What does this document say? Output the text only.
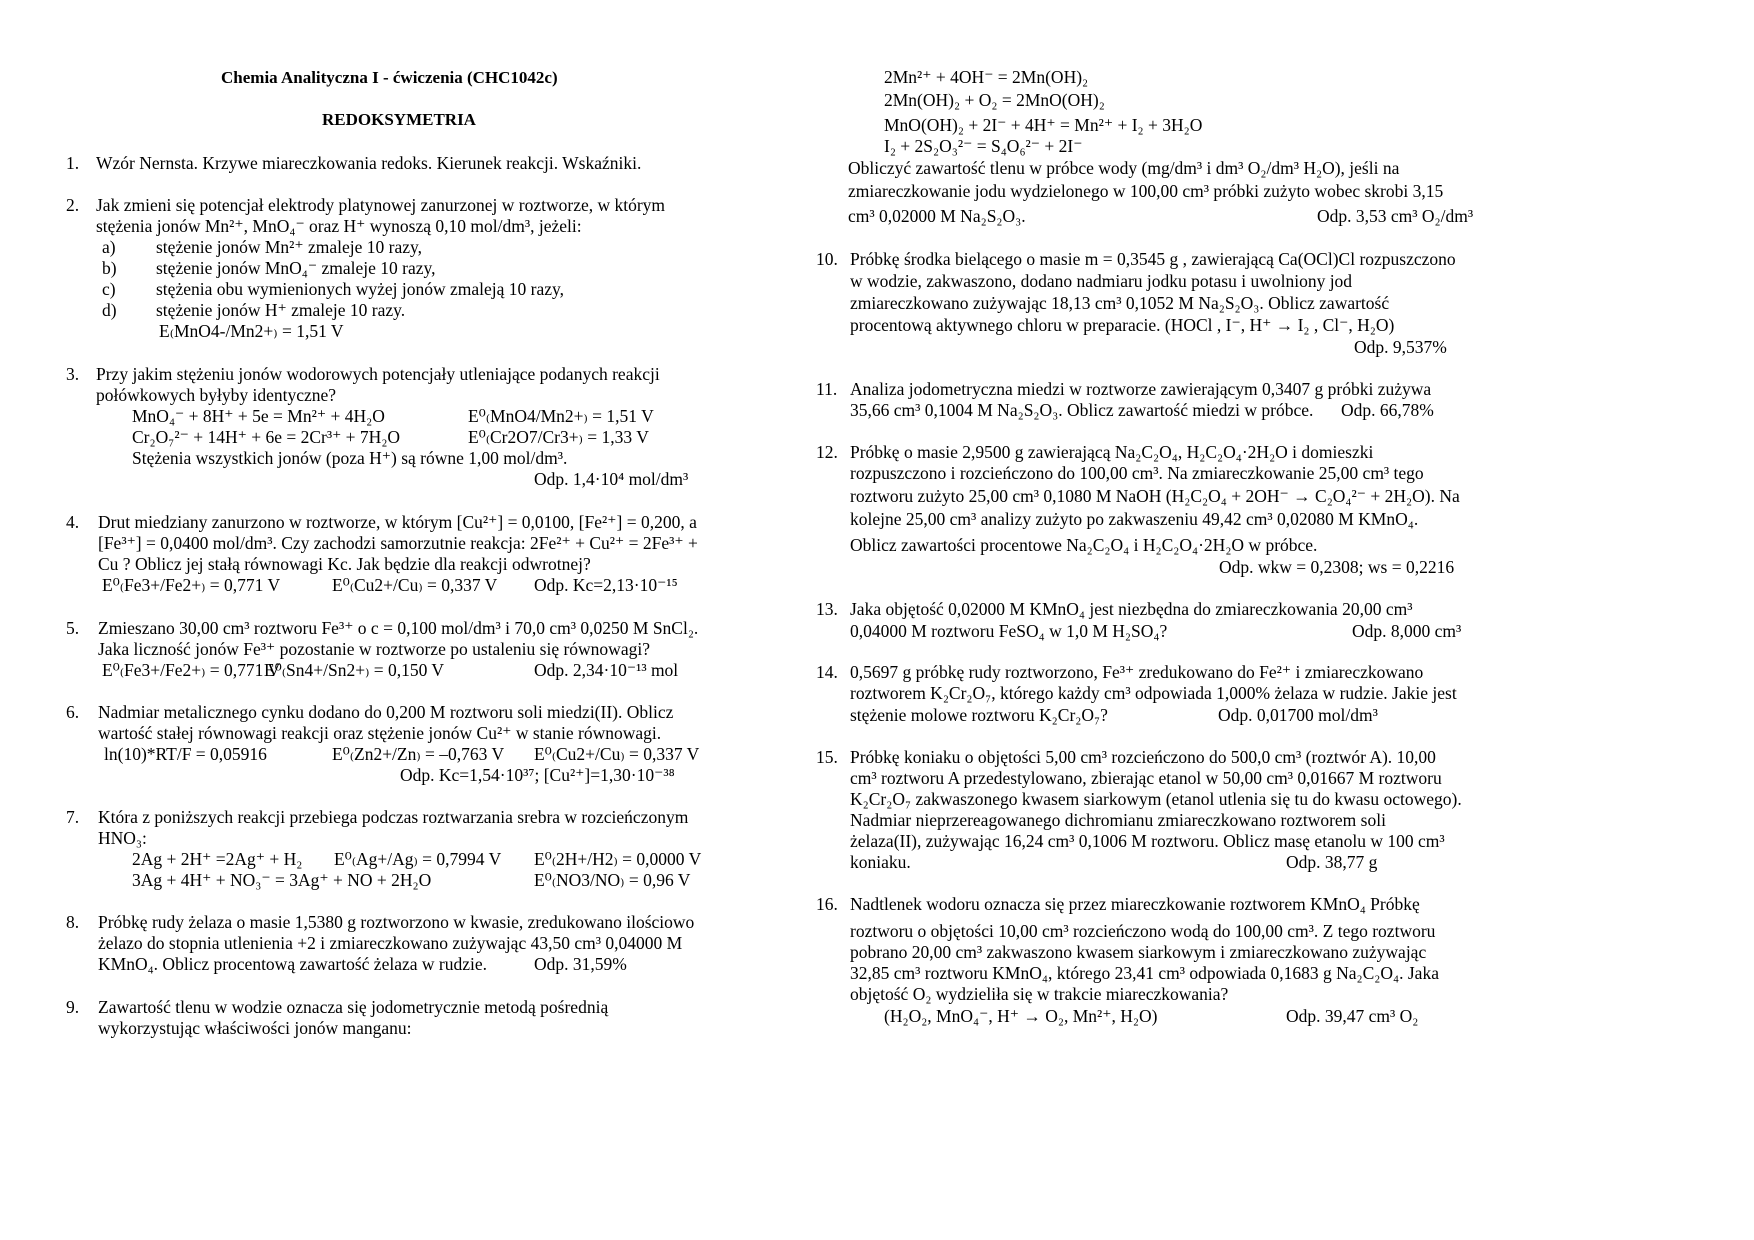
Chemia Analityczna I - ćwiczenia (CHC1042c)
REDOKSYMETRIA
1. Wzór Nernsta. Krzywe miareczkowania redoks. Kierunek reakcji. Wskaźniki.
2. Jak zmieni się potencjał elektrody platynowej zanurzonej w roztworze, w którym
stężenia jonów Mn²⁺, MnO₄⁻ oraz H⁺ wynoszą 0,10 mol/dm³, jeżeli:
a) stężenie jonów Mn²⁺ zmaleje 10 razy,
b) stężenie jonów MnO₄⁻ zmaleje 10 razy,
c) stężenia obu wymienionych wyżej jonów zmaleją 10 razy,
d) stężenie jonów H⁺ zmaleje 10 razy.
E₍MnO4-/Mn2+₎ = 1,51 V
3. Przy jakim stężeniu jonów wodorowych potencjały utleniające podanych reakcji
połówkowych byłyby identyczne?
MnO₄⁻ + 8H⁺ + 5e = Mn²⁺ + 4H₂O	E⁰₍MnO4/Mn2+₎ = 1,51 V
Cr₂O₇²⁻ + 14H⁺ + 6e = 2Cr³⁺ + 7H₂O	E⁰₍Cr2O7/Cr3+₎ = 1,33 V
Stężenia wszystkich jonów (poza H⁺) są równe 1,00 mol/dm³.
Odp. 1,4·10⁴ mol/dm³
4. Drut miedziany zanurzono w roztworze, w którym [Cu²⁺] = 0,0100, [Fe²⁺] = 0,200, a
[Fe³⁺] = 0,0400 mol/dm³. Czy zachodzi samorzutnie reakcja: 2Fe²⁺ + Cu²⁺ = 2Fe³⁺ +
Cu ? Oblicz jej stałą równowagi Kc. Jak będzie dla reakcji odwrotnej?
E⁰₍Fe3+/Fe2+₎ = 0,771 V	E⁰₍Cu2+/Cu₎ = 0,337 V Odp. Kc=2,13·10⁻¹⁵
5. Zmieszano 30,00 cm³ roztworu Fe³⁺ o c = 0,100 mol/dm³ i 70,0 cm³ 0,0250 M SnCl₂.
Jaka liczność jonów Fe³⁺ pozostanie w roztworze po ustaleniu się równowagi?
E⁰₍Fe3+/Fe2+₎ = 0,771 V
E⁰₍Sn4+/Sn2+₎ = 0,150 V	Odp. 2,34·10⁻¹³ mol
6. Nadmiar metalicznego cynku dodano do 0,200 M roztworu soli miedzi(II). Oblicz
wartość stałej równowagi reakcji oraz stężenie jonów Cu²⁺ w stanie równowagi.
ln(10)*RT/F = 0,05916	E⁰₍Zn2+/Zn₎ = –0,763 V E⁰₍Cu2+/Cu₎ = 0,337 V
Odp. Kc=1,54·10³⁷; [Cu²⁺]=1,30·10⁻³⁸
7. Która z poniższych reakcji przebiega podczas roztwarzania srebra w rozcieńczonym
HNO₃:
2Ag + 2H⁺ =2Ag⁺ + H₂ E⁰₍Ag+/Ag₎ = 0,7994 V E⁰₍2H+/H2₎ = 0,0000 V
3Ag + 4H⁺ + NO₃⁻ = 3Ag⁺ + NO + 2H₂O	E⁰₍NO3/NO₎ = 0,96 V
8. Próbkę rudy żelaza o masie 1,5380 g roztworzono w kwasie, zredukowano ilościowo
żelazo do stopnia utlenienia +2 i zmiareczkowano zużywając 43,50 cm³ 0,04000 M
KMnO₄. Oblicz procentową zawartość żelaza w rudzie.	Odp. 31,59%
9. Zawartość tlenu w wodzie oznacza się jodometrycznie metodą pośrednią
wykorzystując właściwości jonów manganu:
2Mn²⁺ + 4OH⁻ = 2Mn(OH)₂
2Mn(OH)₂ + O₂ = 2MnO(OH)₂
MnO(OH)₂ + 2I⁻ + 4H⁺ = Mn²⁺ + I₂ + 3H₂O
I₂ + 2S₂O₃²⁻ = S₄O₆²⁻ + 2I⁻
Obliczyć zawartość tlenu w próbce wody (mg/dm³ i dm³ O₂/dm³ H₂O), jeśli na
zmiareczkowanie jodu wydzielonego w 100,00 cm³ próbki zużyto wobec skrobi 3,15
cm³ 0,02000 M Na₂S₂O₃.	Odp. 3,53 cm³ O₂/dm³
10. Próbkę środka bielącego o masie m = 0,3545 g , zawierającą Ca(OCl)Cl rozpuszczono
w wodzie, zakwaszono, dodano nadmiaru jodku potasu i uwolniony jod
zmiareczkowano zużywając 18,13 cm³ 0,1052 M Na₂S₂O₃. Oblicz zawartość
procentową aktywnego chloru w preparacie. (HOCl , I⁻, H⁺ → I₂ , Cl⁻, H₂O)
Odp. 9,537%
11. Analiza jodometryczna miedzi w roztworze zawierającym 0,3407 g próbki zużywa
35,66 cm³ 0,1004 M Na₂S₂O₃. Oblicz zawartość miedzi w próbce. Odp. 66,78%
12. Próbkę o masie 2,9500 g zawierającą Na₂C₂O₄, H₂C₂O₄·2H₂O i domieszki
rozpuszczono i rozcieńczono do 100,00 cm³. Na zmiareczkowanie 25,00 cm³ tego
roztworu zużyto 25,00 cm³ 0,1080 M NaOH (H₂C₂O₄ + 2OH⁻ → C₂O₄²⁻ + 2H₂O). Na
kolejne 25,00 cm³ analizy zużyto po zakwaszeniu 49,42 cm³ 0,02080 M KMnO₄.
Oblicz zawartości procentowe Na₂C₂O₄ i H₂C₂O₄·2H₂O w próbce.
Odp. wkw = 0,2308; ws = 0,2216
13. Jaka objętość 0,02000 M KMnO₄ jest niezbędna do zmiareczkowania 20,00 cm³
0,04000 M roztworu FeSO₄ w 1,0 M H₂SO₄?	Odp. 8,000 cm³
14. 0,5697 g próbkę rudy roztworzono, Fe³⁺ zredukowano do Fe²⁺ i zmiareczkowano
roztworem K₂Cr₂O₇, którego każdy cm³ odpowiada 1,000% żelaza w rudzie. Jakie jest
stężenie molowe roztworu K₂Cr₂O₇?	Odp. 0,01700 mol/dm³
15. Próbkę koniaku o objętości 5,00 cm³ rozcieńczono do 500,0 cm³ (roztwór A). 10,00
cm³ roztworu A przedestylowano, zbierając etanol w 50,00 cm³ 0,01667 M roztworu
K₂Cr₂O₇ zakwaszonego kwasem siarkowym (etanol utlenia się tu do kwasu octowego).
Nadmiar nieprzereagowanego dichromianu zmiareczkowano roztworem soli
żelaza(II), zużywając 16,24 cm³ 0,1006 M roztworu. Oblicz masę etanolu w 100 cm³
koniaku.	Odp. 38,77 g
16. Nadtlenek wodoru oznacza się przez miareczkowanie roztworem KMnO₄ Próbkę
roztworu o objętości 10,00 cm³ rozcieńczono wodą do 100,00 cm³. Z tego roztworu
pobrano 20,00 cm³ zakwaszono kwasem siarkowym i zmiareczkowano zużywając
32,85 cm³ roztworu KMnO₄, którego 23,41 cm³ odpowiada 0,1683 g Na₂C₂O₄. Jaka
objętość O₂ wydzieliła się w trakcie miareczkowania?
(H₂O₂, MnO₄⁻, H⁺ → O₂, Mn²⁺, H₂O)	Odp. 39,47 cm³ O₂
